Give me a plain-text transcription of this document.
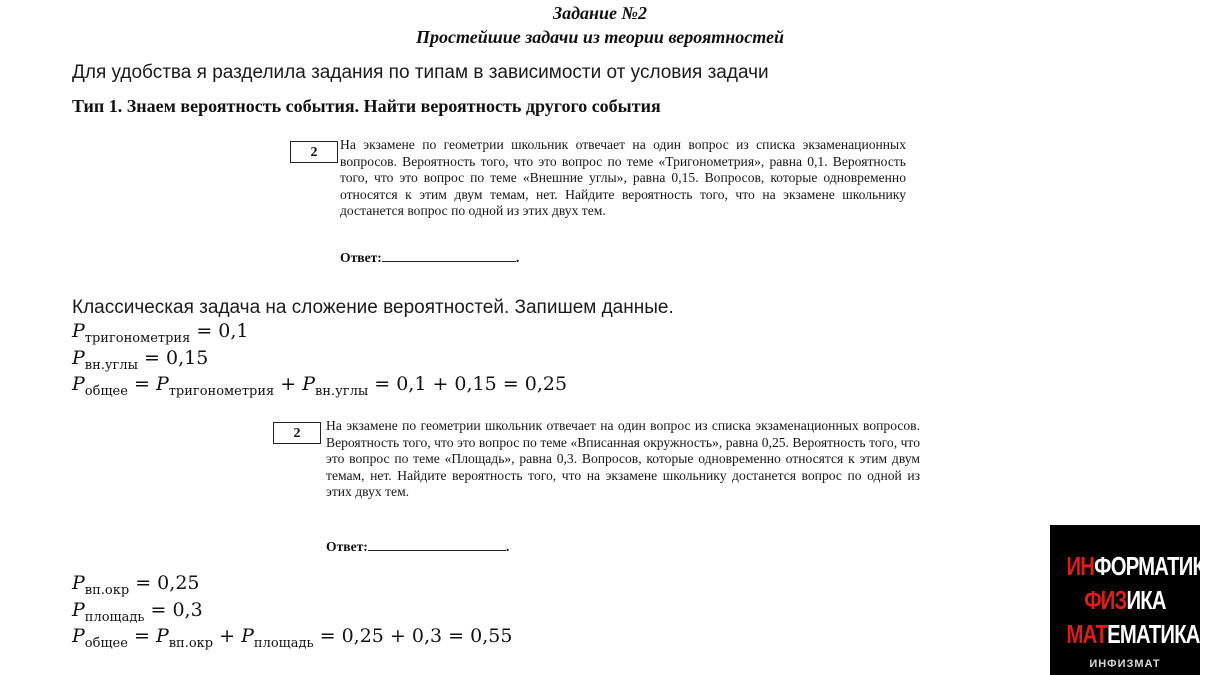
Задание №2
Простейшие задачи из теории вероятностей
Для удобства я разделила задания по типам в зависимости от условия задачи
Тип 1. Знаем вероятность события. Найти вероятность другого события
2
На экзамене по геометрии школьник отвечает на один вопрос из списка экзаменационных вопросов. Вероятность того, что это вопрос по теме «Тригонометрия», равна 0,1. Вероятность того, что это вопрос по теме «Внешние углы», равна 0,15. Вопросов, которые одновременно относятся к этим двум темам, нет. Найдите вероятность того, что на экзамене школьнику достанется вопрос по одной из этих двух тем.
Ответ:	.
Классическая задача на сложение вероятностей. Запишем данные.
$P_{тригонометрия} = 0,1$
$P_{вн.углы} = 0,15$
$P_{общее} = P_{тригонометрия} + P_{вн.углы} = 0,1 + 0,15 = 0,25$
2
На экзамене по геометрии школьник отвечает на один вопрос из списка экзаменационных вопросов. Вероятность того, что это вопрос по теме «Вписанная окружность», равна 0,25. Вероятность того, что это вопрос по теме «Площадь», равна 0,3. Вопросов, которые одновременно относятся к этим двум темам, нет. Найдите вероятность того, что на экзамене школьнику достанется вопрос по одной из этих двух тем.
Ответ:	.
$P_{вп.окр} = 0,25$
$P_{площадь} = 0,3$
$P_{общее} = P_{вп.окр} + P_{площадь} = 0,25 + 0,3 = 0,55$
ИНФОРМАТИКА
ФИЗИКА
МАТЕМАТИКА
ИНФИЗМАТ
